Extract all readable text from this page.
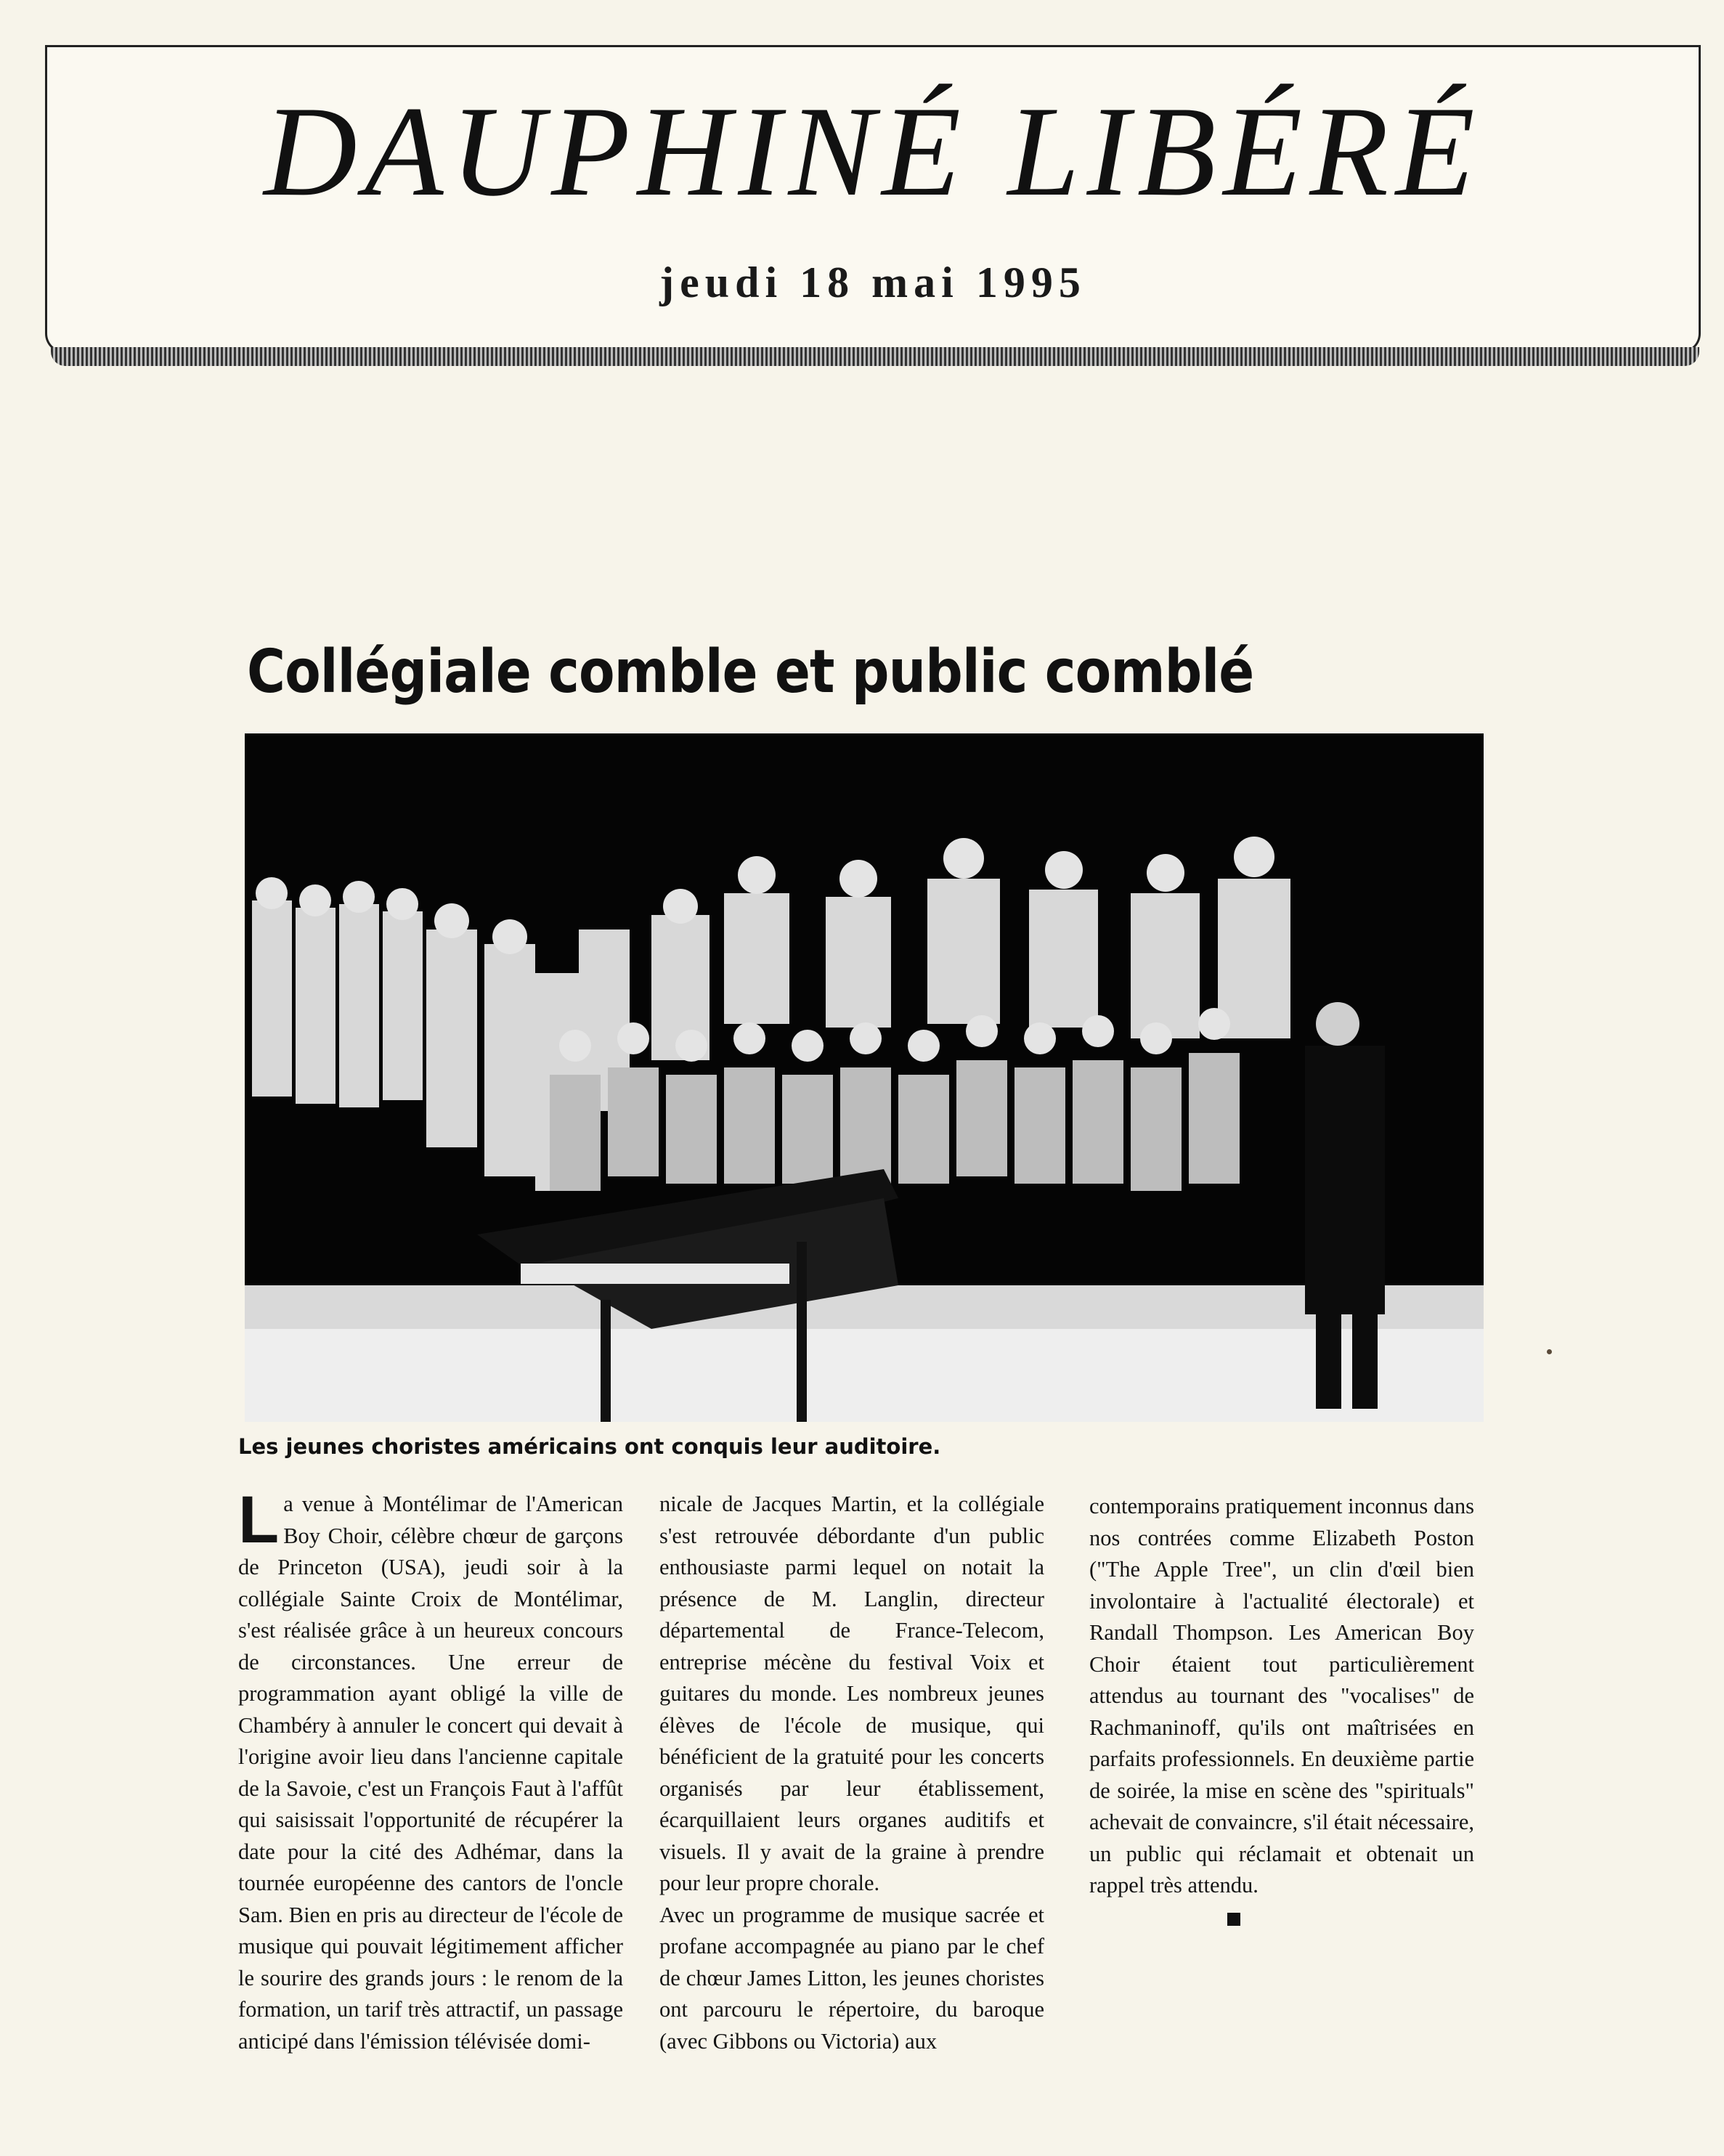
DAUPHINÉ LIBÉRÉ
jeudi 18 mai 1995
Collégiale comble et public comblé
Les jeunes choristes américains ont conquis leur auditoire.
L a venue à Montélimar de l'American Boy Choir, célèbre chœur de garçons de Princeton (USA), jeudi soir à la collégiale Sainte Croix de Montélimar, s'est réalisée grâce à un heureux concours de circonstances. Une erreur de programmation ayant obligé la ville de Chambéry à annuler le concert qui devait à l'origine avoir lieu dans l'ancienne capitale de la Savoie, c'est un François Faut à l'affût qui saisissait l'opportunité de récupérer la date pour la cité des Adhémar, dans la tournée européenne des cantors de l'oncle Sam. Bien en pris au directeur de l'école de musique qui pouvait légitimement afficher le sourire des grands jours : le renom de la formation, un tarif très attractif, un passage anticipé dans l'émission télévisée domi-

nicale de Jacques Martin, et la collégiale s'est retrouvée débordante d'un public enthousiaste parmi lequel on notait la présence de M. Langlin, directeur départemental de France-Telecom, entreprise mécène du festival Voix et guitares du monde. Les nombreux jeunes élèves de l'école de musique, qui bénéficient de la gratuité pour les concerts organisés par leur établissement, écarquillaient leurs organes auditifs et visuels. Il y avait de la graine à prendre pour leur propre chorale.

Avec un programme de musique sacrée et profane accompagnée au piano par le chef de chœur James Litton, les jeunes choristes ont parcouru le répertoire, du baroque (avec Gibbons ou Victoria) aux

contemporains pratiquement inconnus dans nos contrées comme Elizabeth Poston ("The Apple Tree", un clin d'œil bien involontaire à l'actualité électorale) et Randall Thompson. Les American Boy Choir étaient tout particulièrement attendus au tournant des "vocalises" de Rachmaninoff, qu'ils ont maîtrisées en parfaits professionnels. En deuxième partie de soirée, la mise en scène des "spirituals" achevait de convaincre, s'il était nécessaire, un public qui réclamait et obtenait un rappel très attendu.
